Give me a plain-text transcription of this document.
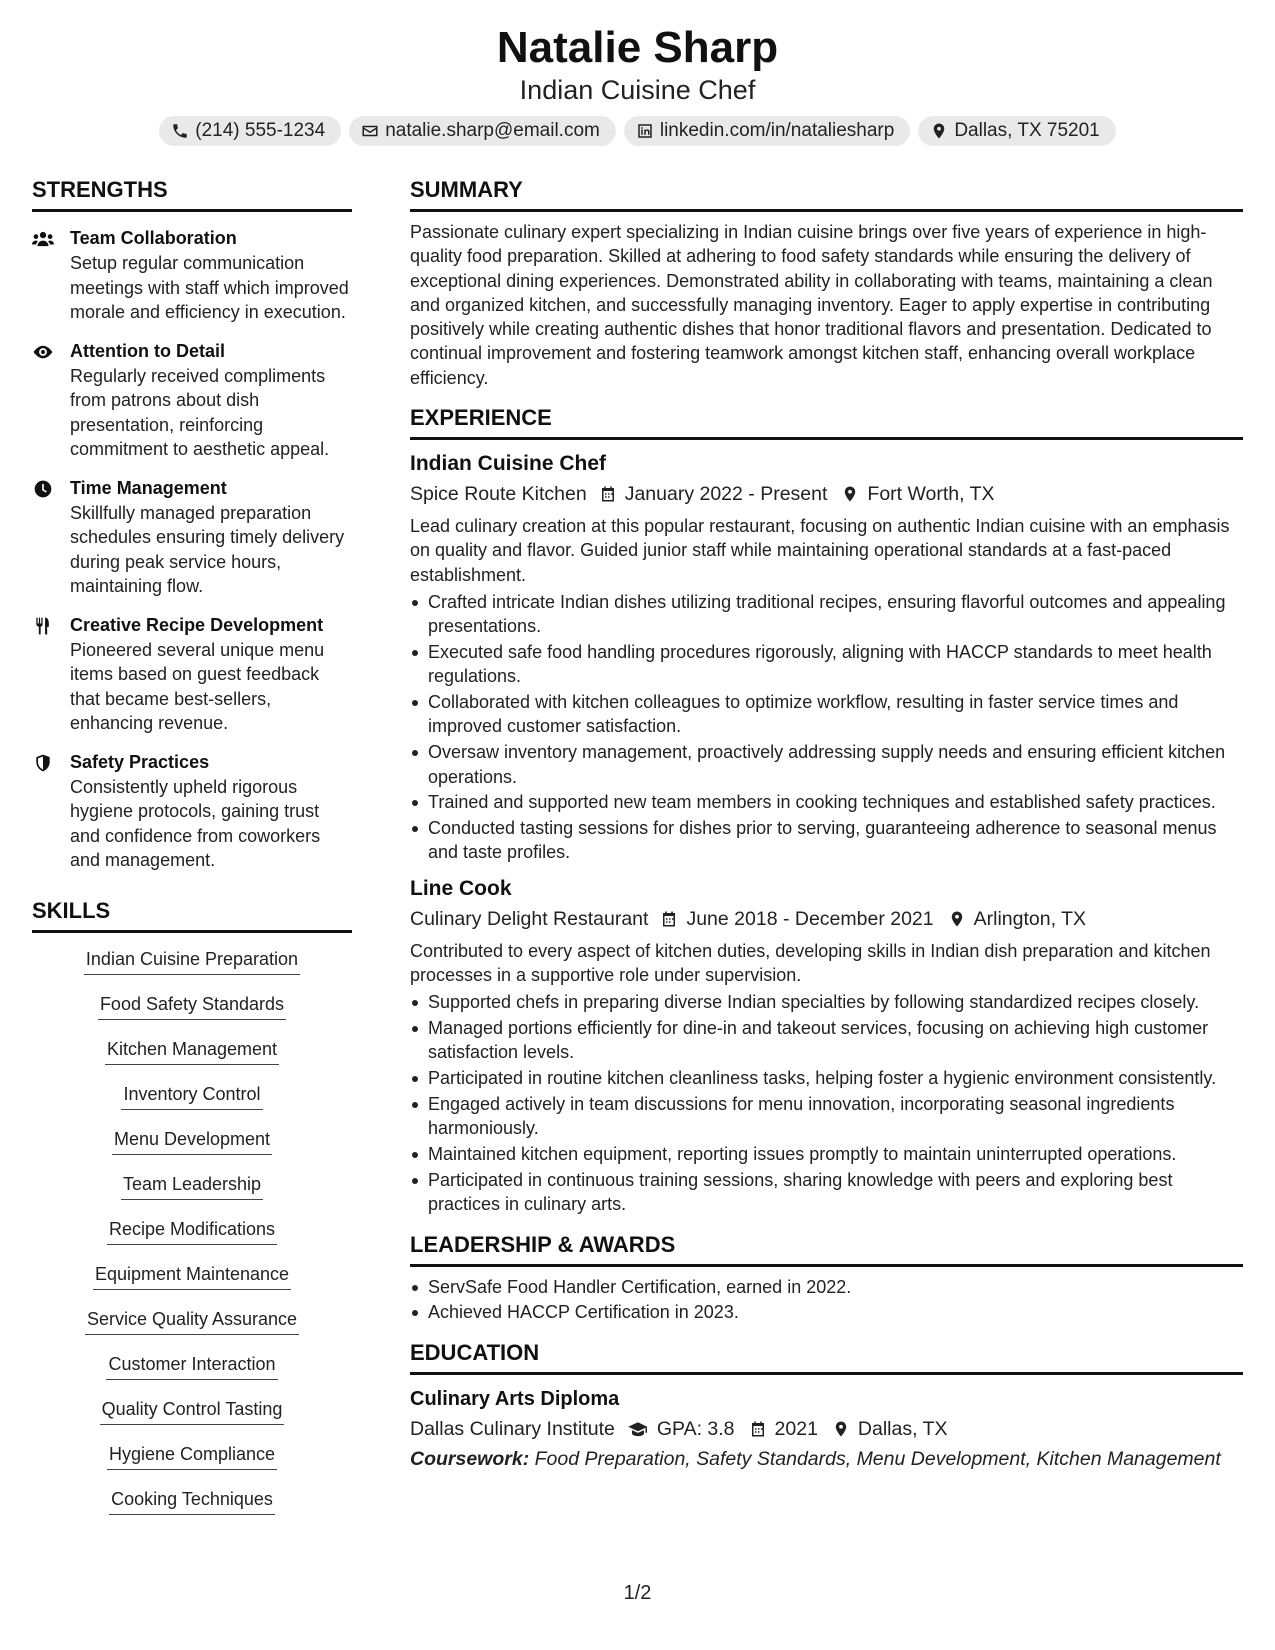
Natalie Sharp
Indian Cuisine Chef
(214) 555-1234	natalie.sharp@email.com	linkedin.com/in/nataliesharp	Dallas, TX 75201
STRENGTHS
Team Collaboration
Setup regular communication meetings with staff which improved morale and efficiency in execution.
Attention to Detail
Regularly received compliments from patrons about dish presentation, reinforcing commitment to aesthetic appeal.
Time Management
Skillfully managed preparation schedules ensuring timely delivery during peak service hours, maintaining flow.
Creative Recipe Development
Pioneered several unique menu items based on guest feedback that became best-sellers, enhancing revenue.
Safety Practices
Consistently upheld rigorous hygiene protocols, gaining trust and confidence from coworkers and management.
SKILLS
Indian Cuisine Preparation
Food Safety Standards
Kitchen Management
Inventory Control
Menu Development
Team Leadership
Recipe Modifications
Equipment Maintenance
Service Quality Assurance
Customer Interaction
Quality Control Tasting
Hygiene Compliance
Cooking Techniques
SUMMARY
Passionate culinary expert specializing in Indian cuisine brings over five years of experience in high-quality food preparation. Skilled at adhering to food safety standards while ensuring the delivery of exceptional dining experiences. Demonstrated ability in collaborating with teams, maintaining a clean and organized kitchen, and successfully managing inventory. Eager to apply expertise in contributing positively while creating authentic dishes that honor traditional flavors and presentation. Dedicated to continual improvement and fostering teamwork amongst kitchen staff, enhancing overall workplace efficiency.
EXPERIENCE
Indian Cuisine Chef
Spice Route Kitchen January 2022 - Present Fort Worth, TX
Lead culinary creation at this popular restaurant, focusing on authentic Indian cuisine with an emphasis on quality and flavor. Guided junior staff while maintaining operational standards at a fast-paced establishment.
Crafted intricate Indian dishes utilizing traditional recipes, ensuring flavorful outcomes and appealing presentations.
Executed safe food handling procedures rigorously, aligning with HACCP standards to meet health regulations.
Collaborated with kitchen colleagues to optimize workflow, resulting in faster service times and improved customer satisfaction.
Oversaw inventory management, proactively addressing supply needs and ensuring efficient kitchen operations.
Trained and supported new team members in cooking techniques and established safety practices.
Conducted tasting sessions for dishes prior to serving, guaranteeing adherence to seasonal menus and taste profiles.
Line Cook
Culinary Delight Restaurant June 2018 - December 2021 Arlington, TX
Contributed to every aspect of kitchen duties, developing skills in Indian dish preparation and kitchen processes in a supportive role under supervision.
Supported chefs in preparing diverse Indian specialties by following standardized recipes closely.
Managed portions efficiently for dine-in and takeout services, focusing on achieving high customer satisfaction levels.
Participated in routine kitchen cleanliness tasks, helping foster a hygienic environment consistently.
Engaged actively in team discussions for menu innovation, incorporating seasonal ingredients harmoniously.
Maintained kitchen equipment, reporting issues promptly to maintain uninterrupted operations.
Participated in continuous training sessions, sharing knowledge with peers and exploring best practices in culinary arts.
LEADERSHIP & AWARDS
ServSafe Food Handler Certification, earned in 2022.
Achieved HACCP Certification in 2023.
EDUCATION
Culinary Arts Diploma
Dallas Culinary Institute GPA: 3.8 2021 Dallas, TX
Coursework: Food Preparation, Safety Standards, Menu Development, Kitchen Management
1/2
